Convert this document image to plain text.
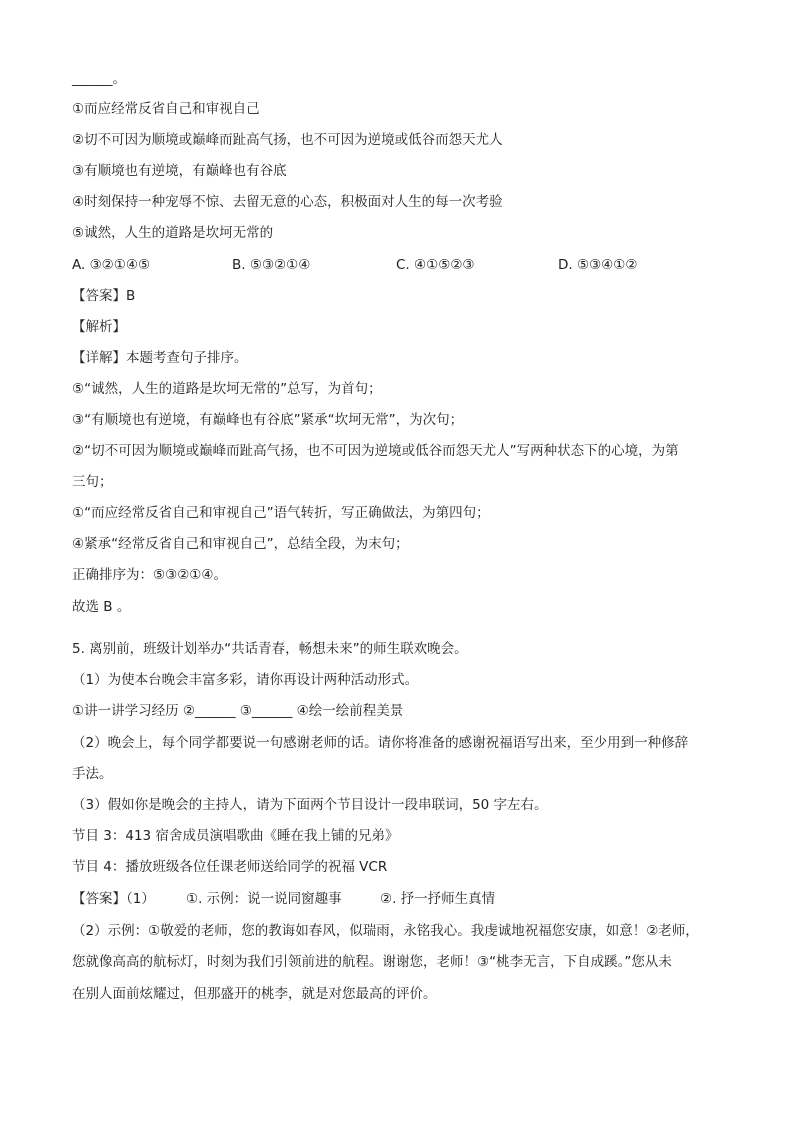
______。
①而应经常反省自己和审视自己
②切不可因为顺境或巅峰而趾高气扬，也不可因为逆境或低谷而怨天尤人
③有顺境也有逆境，有巅峰也有谷底
④时刻保持一种宠辱不惊、去留无意的心态，积极面对人生的每一次考验
⑤诚然，人生的道路是坎坷无常的
A. ③②①④⑤	B. ⑤③②①④	C. ④①⑤②③	D. ⑤③④①②
【答案】B
【解析】
【详解】本题考查句子排序。
⑤“诚然，人生的道路是坎坷无常的”总写，为首句；
③“有顺境也有逆境，有巅峰也有谷底”紧承“坎坷无常”，为次句；
②“切不可因为顺境或巅峰而趾高气扬，也不可因为逆境或低谷而怨天尤人”写两种状态下的心境，为第
三句；
①“而应经常反省自己和审视自己”语气转折，写正确做法，为第四句；
④紧承“经常反省自己和审视自己”，总结全段，为末句；
正确排序为：⑤③②①④。
故选 B 。
5. 离别前，班级计划举办“共话青春，畅想未来”的师生联欢晚会。
（1）为使本台晚会丰富多彩，请你再设计两种活动形式。
①讲一讲学习经历 ②______ ③______ ④绘一绘前程美景
（2）晚会上，每个同学都要说一句感谢老师的话。请你将准备的感谢祝福语写出来，至少用到一种修辞
手法。
（3）假如你是晚会的主持人，请为下面两个节目设计一段串联词，50 字左右。
节目 3：413 宿舍成员演唱歌曲《睡在我上铺的兄弟》
节目 4：播放班级各位任课老师送给同学的祝福 VCR
【答案】（1） ①. 示例：说一说同窗趣事	②. 抒一抒师生真情
（2）示例：①敬爱的老师，您的教诲如春风，似瑞雨，永铭我心。我虔诚地祝福您安康，如意！②老师，
您就像高高的航标灯，时刻为我们引领前进的航程。谢谢您，老师！③“桃李无言，下自成蹊。”您从未
在别人面前炫耀过，但那盛开的桃李，就是对您最高的评价。
